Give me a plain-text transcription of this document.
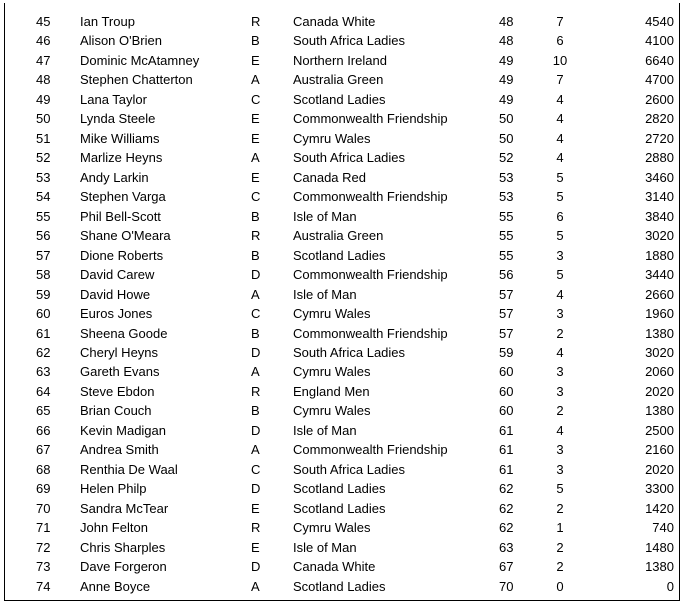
45 Ian Troup	R	Canada White	48	7	4540
46 Alison O'Brien	B	South Africa Ladies	48	6	4100
47 Dominic McAtamney	E	Northern Ireland	49	10	6640
48 Stephen Chatterton	A	Australia Green	49	7	4700
49 Lana Taylor	C	Scotland Ladies	49	4	2600
50 Lynda Steele	E	Commonwealth Friendship	50	4	2820
51 Mike Williams	E	Cymru Wales	50	4	2720
52 Marlize Heyns	A	South Africa Ladies	52	4	2880
53 Andy Larkin	E	Canada Red	53	5	3460
54 Stephen Varga	C	Commonwealth Friendship	53	5	3140
55 Phil Bell-Scott	B	Isle of Man	55	6	3840
56 Shane O'Meara	R	Australia Green	55	5	3020
57 Dione Roberts	B	Scotland Ladies	55	3	1880
58 David Carew	D	Commonwealth Friendship	56	5	3440
59 David Howe	A	Isle of Man	57	4	2660
60 Euros Jones	C	Cymru Wales	57	3	1960
61 Sheena Goode	B	Commonwealth Friendship	57	2	1380
62 Cheryl Heyns	D	South Africa Ladies	59	4	3020
63 Gareth Evans	A	Cymru Wales	60	3	2060
64 Steve Ebdon	R	England Men	60	3	2020
65 Brian Couch	B	Cymru Wales	60	2	1380
66 Kevin Madigan	D	Isle of Man	61	4	2500
67 Andrea Smith	A	Commonwealth Friendship	61	3	2160
68 Renthia De Waal	C	South Africa Ladies	61	3	2020
69 Helen Philp	D	Scotland Ladies	62	5	3300
70 Sandra McTear	E	Scotland Ladies	62	2	1420
71 John Felton	R	Cymru Wales	62	1	740
72 Chris Sharples	E	Isle of Man	63	2	1480
73 Dave Forgeron	D	Canada White	67	2	1380
74 Anne Boyce	A	Scotland Ladies	70	0	0
